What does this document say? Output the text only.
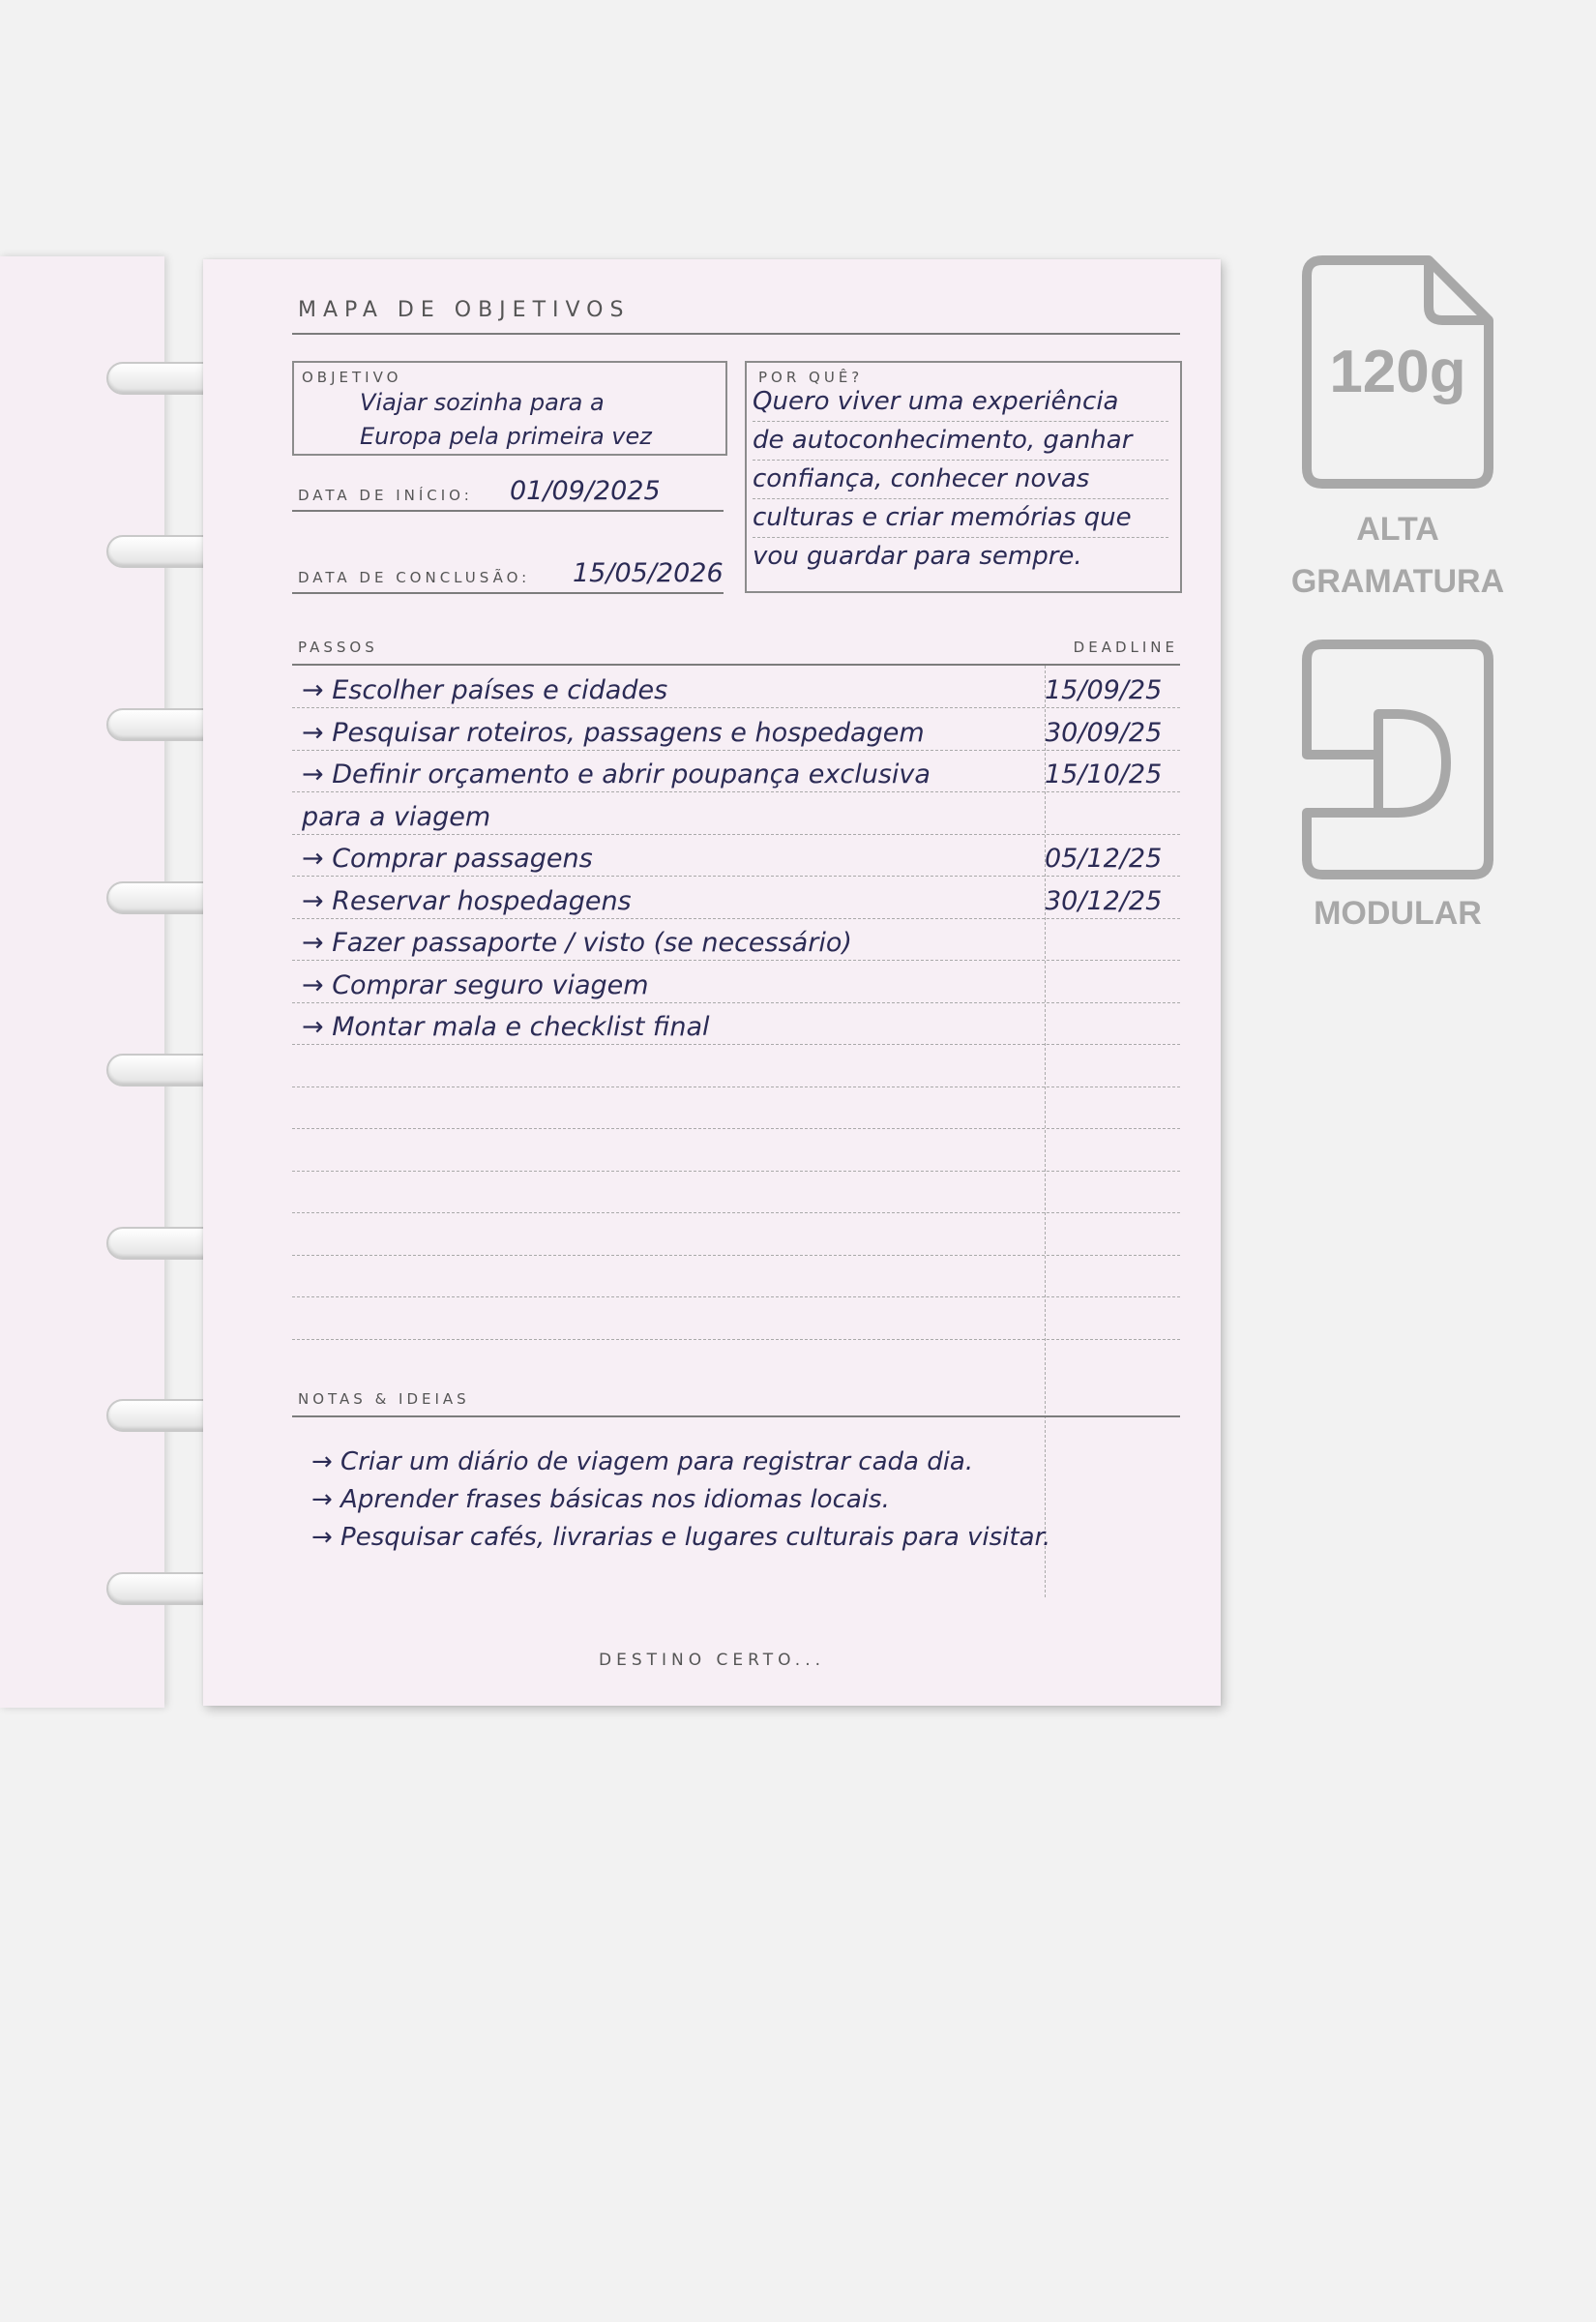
MAPA DE OBJETIVOS
OBJETIVO
Viajar sozinha para a
Europa pela primeira vez
DATA DE INÍCIO: 01/09/2025
DATA DE CONCLUSÃO: 15/05/2026
POR QUÊ?
Quero viver uma experiência
de autoconhecimento, ganhar
confiança, conhecer novas
culturas e criar memórias que
vou guardar para sempre.
PASSOS	DEADLINE
→ Escolher países e cidades	15/09/25
→ Pesquisar roteiros, passagens e hospedagem	30/09/25
→ Definir orçamento e abrir poupança exclusiva	15/10/25
para a viagem
→ Comprar passagens	05/12/25
→ Reservar hospedagens	30/12/25
→ Fazer passaporte / visto (se necessário)
→ Comprar seguro viagem
→ Montar mala e checklist final
NOTAS & IDEIAS
→ Criar um diário de viagem para registrar cada dia.
→ Aprender frases básicas nos idiomas locais.
→ Pesquisar cafés, livrarias e lugares culturais para visitar.
DESTINO CERTO...
120g
ALTA
GRAMATURA
MODULAR
